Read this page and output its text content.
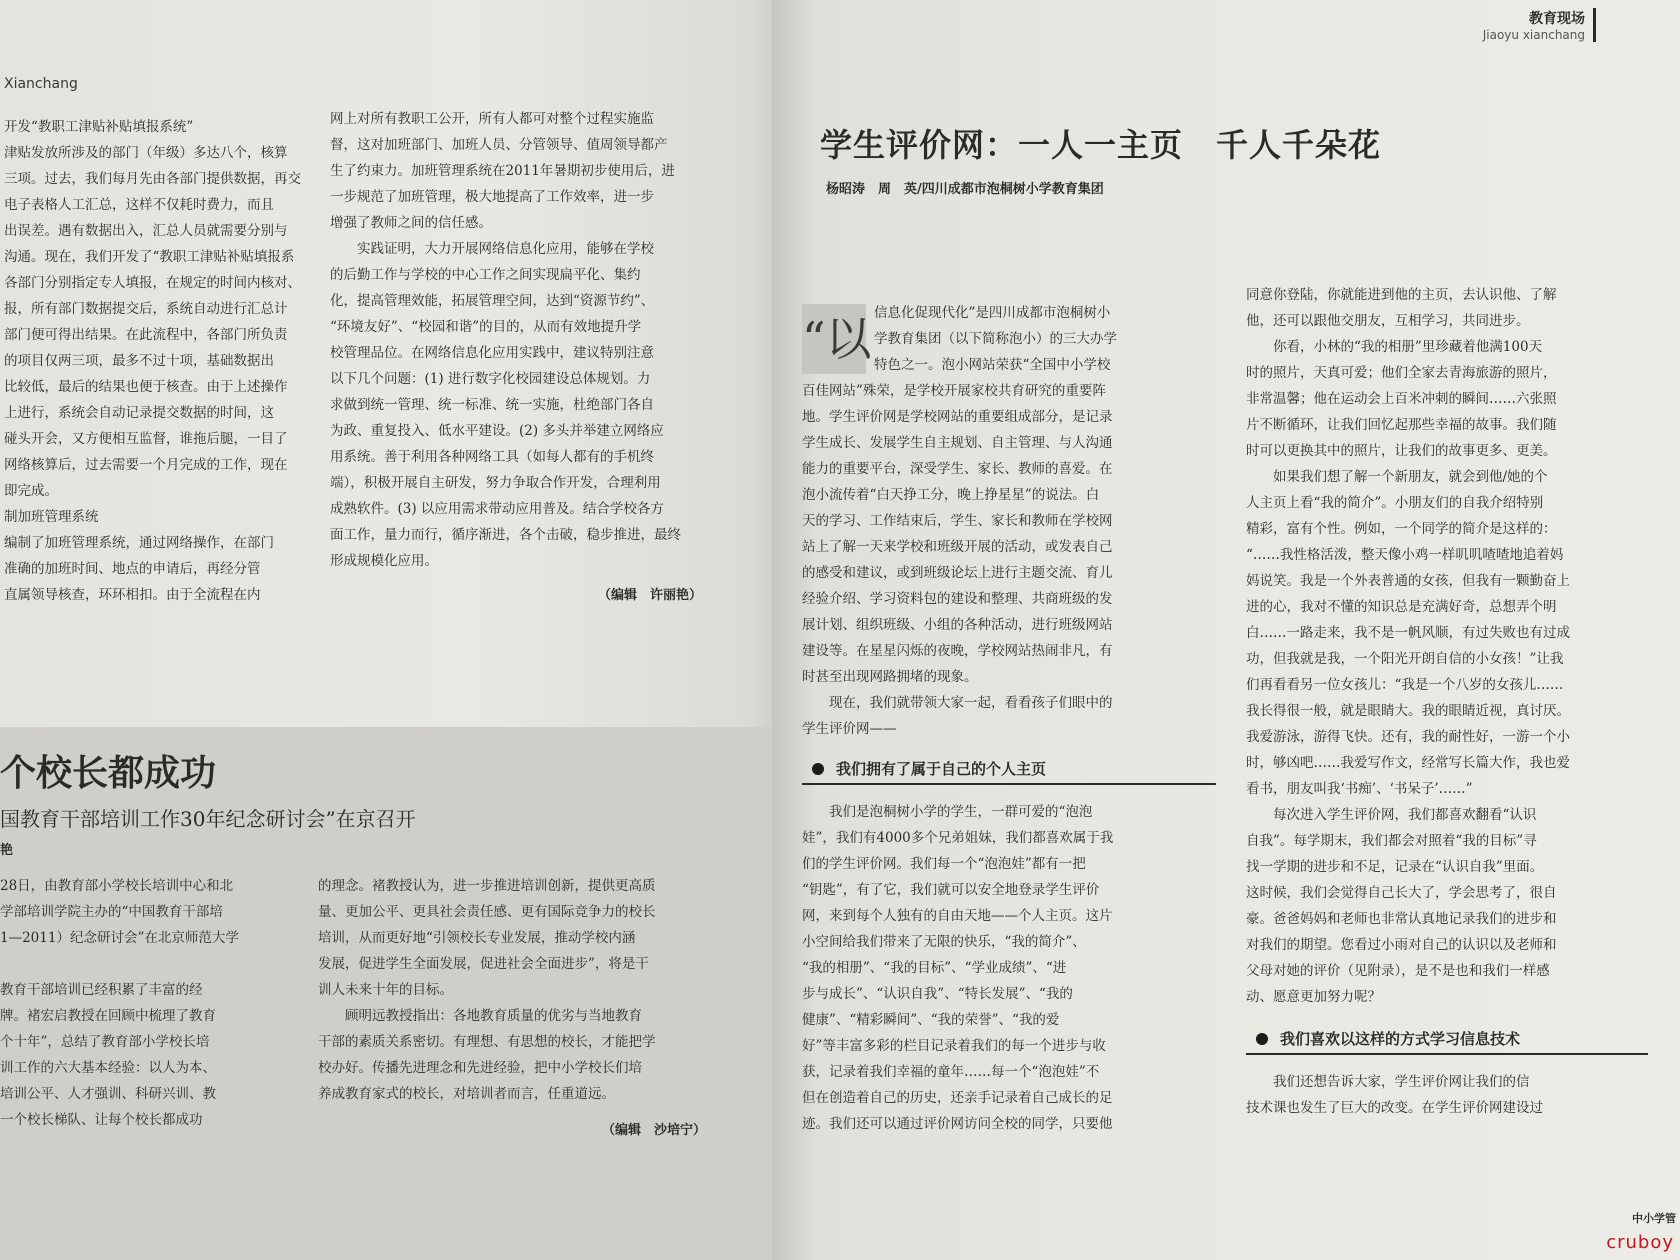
Xianchang
开发“教职工津贴补贴填报系统”
津贴发放所涉及的部门（年级）多达八个，核算
三项。过去，我们每月先由各部门提供数据，再交
电子表格人工汇总，这样不仅耗时费力，而且
出误差。遇有数据出入，汇总人员就需要分别与
沟通。现在，我们开发了“教职工津贴补贴填报系
各部门分别指定专人填报，在规定的时间内核对、
报，所有部门数据提交后，系统自动进行汇总计
部门便可得出结果。在此流程中，各部门所负责
的项目仅两三项，最多不过十项，基础数据出
比较低，最后的结果也便于核查。由于上述操作
上进行，系统会自动记录提交数据的时间，这
碰头开会，又方便相互监督，谁拖后腿，一目了
网络核算后，过去需要一个月完成的工作，现在
即完成。
制加班管理系统
编制了加班管理系统，通过网络操作，在部门
准确的加班时间、地点的申请后，再经分管
直属领导核查，环环相扣。由于全流程在内
网上对所有教职工公开，所有人都可对整个过程实施监
督，这对加班部门、加班人员、分管领导、值周领导都产
生了约束力。加班管理系统在2011年暑期初步使用后，进
一步规范了加班管理，极大地提高了工作效率，进一步
增强了教师之间的信任感。
　　实践证明，大力开展网络信息化应用，能够在学校
的后勤工作与学校的中心工作之间实现扁平化、集约
化，提高管理效能，拓展管理空间，达到“资源节约”、
“环境友好”、“校园和谐”的目的，从而有效地提升学
校管理品位。在网络信息化应用实践中，建议特别注意
以下几个问题：(1) 进行数字化校园建设总体规划。力
求做到统一管理、统一标准、统一实施，杜绝部门各自
为政、重复投入、低水平建设。(2) 多头并举建立网络应
用系统。善于利用各种网络工具（如每人都有的手机终
端），积极开展自主研发，努力争取合作开发，合理利用
成熟软件。(3) 以应用需求带动应用普及。结合学校各方
面工作，量力而行，循序渐进，各个击破，稳步推进，最终
形成规模化应用。
（编辑　许丽艳）
个校长都成功
国教育干部培训工作30年纪念研讨会”在京召开
艳
28日，由教育部小学校长培训中心和北
学部培训学院主办的“中国教育干部培
1—2011）纪念研讨会”在北京师范大学

教育干部培训已经积累了丰富的经
牌。褚宏启教授在回顾中梳理了教育
个十年”，总结了教育部小学校长培
训工作的六大基本经验：以人为本、
培训公平、人才强训、科研兴训、教
一个校长梯队、让每个校长都成功
的理念。褚教授认为，进一步推进培训创新，提供更高质
量、更加公平、更具社会责任感、更有国际竞争力的校长
培训，从而更好地“引领校长专业发展，推动学校内涵
发展，促进学生全面发展，促进社会全面进步”，将是干
训人未来十年的目标。
　　顾明远教授指出：各地教育质量的优劣与当地教育
干部的素质关系密切。有理想、有思想的校长，才能把学
校办好。传播先进理念和先进经验，把中小学校长们培
养成教育家式的校长，对培训者而言，任重道远。
（编辑　沙培宁）
教育现场
Jiaoyu xianchang
学生评价网：一人一主页　千人千朵花
杨昭涛　周　英/四川成都市泡桐树小学教育集团
“以 信息化促现代化”是四川成都市泡桐树小
学教育集团（以下简称泡小）的三大办学
特色之一。泡小网站荣获“全国中小学校
百佳网站”殊荣，是学校开展家校共育研究的重要阵
地。学生评价网是学校网站的重要组成部分，是记录
学生成长、发展学生自主规划、自主管理、与人沟通
能力的重要平台，深受学生、家长、教师的喜爱。在
泡小流传着“白天挣工分，晚上挣星星”的说法。白
天的学习、工作结束后，学生、家长和教师在学校网
站上了解一天来学校和班级开展的活动，或发表自己
的感受和建议，或到班级论坛上进行主题交流、育儿
经验介绍、学习资料包的建设和整理、共商班级的发
展计划、组织班级、小组的各种活动，进行班级网站
建设等。在星星闪烁的夜晚，学校网站热闹非凡，有
时甚至出现网路拥堵的现象。
　　现在，我们就带领大家一起，看看孩子们眼中的
学生评价网——
我们拥有了属于自己的个人主页
　　我们是泡桐树小学的学生，一群可爱的“泡泡
娃”，我们有4000多个兄弟姐妹，我们都喜欢属于我
们的学生评价网。我们每一个“泡泡娃”都有一把
“钥匙”，有了它，我们就可以安全地登录学生评价
网，来到每个人独有的自由天地——个人主页。这片
小空间给我们带来了无限的快乐，“我的简介”、
“我的相册”、“我的目标”、“学业成绩”、“进
步与成长”、“认识自我”、“特长发展”、“我的
健康”、“精彩瞬间”、“我的荣誉”、“我的爱
好”等丰富多彩的栏目记录着我们的每一个进步与收
获，记录着我们幸福的童年……每一个“泡泡娃”不
但在创造着自己的历史，还亲手记录着自己成长的足
迹。我们还可以通过评价网访问全校的同学，只要他
同意你登陆，你就能进到他的主页，去认识他、了解
他，还可以跟他交朋友，互相学习，共同进步。
　　你看，小林的“我的相册”里珍藏着他满100天
时的照片，天真可爱；他们全家去青海旅游的照片，
非常温馨；他在运动会上百米冲刺的瞬间……六张照
片不断循环，让我们回忆起那些幸福的故事。我们随
时可以更换其中的照片，让我们的故事更多、更美。
　　如果我们想了解一个新朋友，就会到他/她的个
人主页上看“我的简介”。小朋友们的自我介绍特别
精彩，富有个性。例如，一个同学的简介是这样的：
“……我性格活泼，整天像小鸡一样叽叽喳喳地追着妈
妈说笑。我是一个外表普通的女孩，但我有一颗勤奋上
进的心，我对不懂的知识总是充满好奇，总想弄个明
白……一路走来，我不是一帆风顺，有过失败也有过成
功，但我就是我，一个阳光开朗自信的小女孩！”让我
们再看看另一位女孩儿：“我是一个八岁的女孩儿……
我长得很一般，就是眼睛大。我的眼睛近视，真讨厌。
我爱游泳，游得飞快。还有，我的耐性好，一游一个小
时，够凶吧……我爱写作文，经常写长篇大作，我也爱
看书，朋友叫我‘书痴’、‘书呆子’……”
　　每次进入学生评价网，我们都喜欢翻看“认识
自我”。每学期末，我们都会对照着“我的目标”寻
找一学期的进步和不足，记录在“认识自我”里面。
这时候，我们会觉得自己长大了，学会思考了，很自
豪。爸爸妈妈和老师也非常认真地记录我们的进步和
对我们的期望。您看过小雨对自己的认识以及老师和
父母对她的评价（见附录），是不是也和我们一样感
动、愿意更加努力呢？
我们喜欢以这样的方式学习信息技术
　　我们还想告诉大家，学生评价网让我们的信
技术课也发生了巨大的改变。在学生评价网建设过
中小学管
cruboy
